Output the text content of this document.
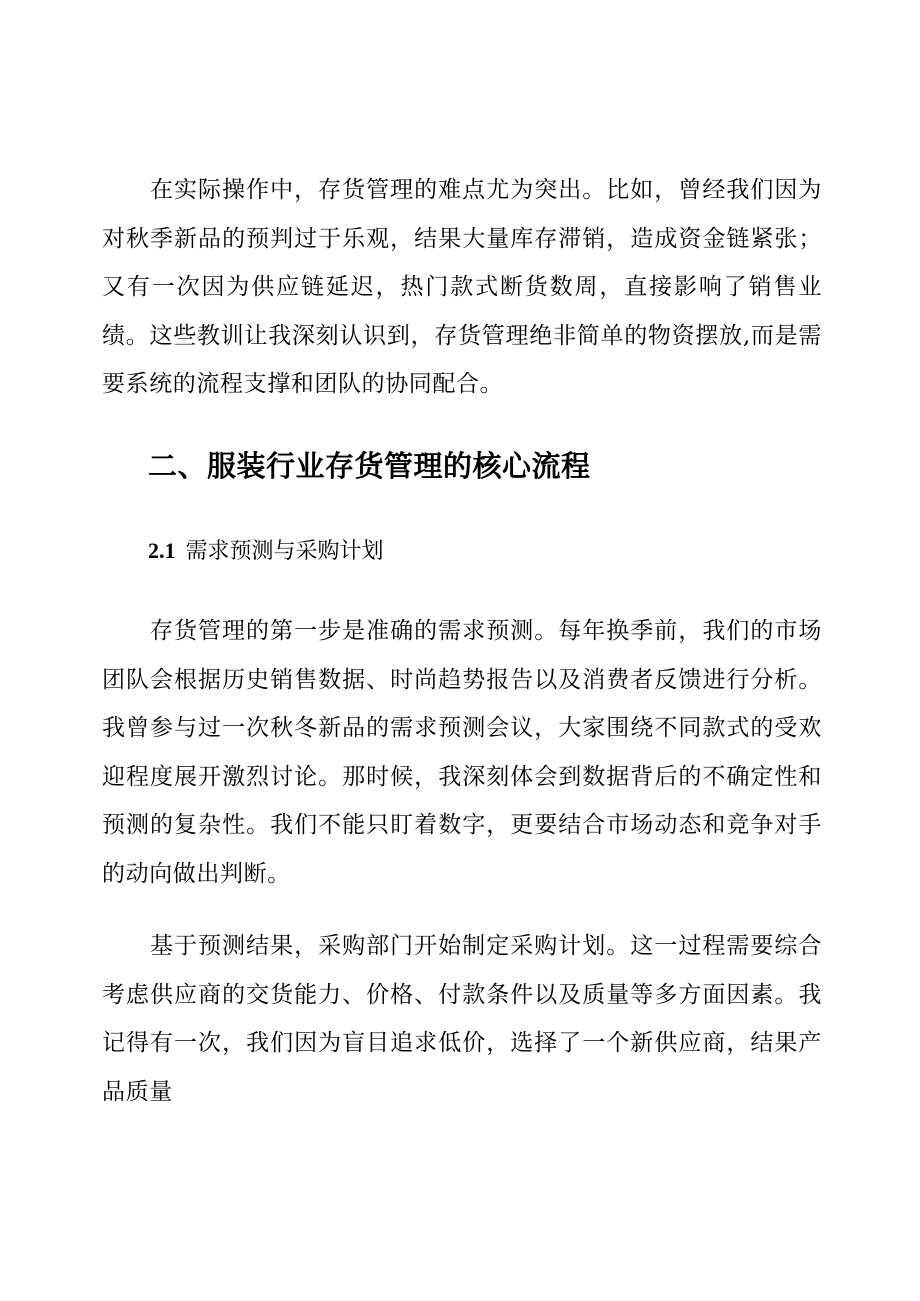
在实际操作中，存货管理的难点尤为突出。比如，曾经我们因为对秋季新品的预判过于乐观，结果大量库存滞销，造成资金链紧张；又有一次因为供应链延迟，热门款式断货数周，直接影响了销售业绩。这些教训让我深刻认识到，存货管理绝非简单的物资摆放,而是需要系统的流程支撑和团队的协同配合。

二、服装行业存货管理的核心流程
2.1 需求预测与采购计划

存货管理的第一步是准确的需求预测。每年换季前，我们的市场团队会根据历史销售数据、时尚趋势报告以及消费者反馈进行分析。我曾参与过一次秋冬新品的需求预测会议，大家围绕不同款式的受欢迎程度展开激烈讨论。那时候，我深刻体会到数据背后的不确定性和预测的复杂性。我们不能只盯着数字，更要结合市场动态和竞争对手的动向做出判断。

基于预测结果，采购部门开始制定采购计划。这一过程需要综合考虑供应商的交货能力、价格、付款条件以及质量等多方面因素。我记得有一次，我们因为盲目追求低价，选择了一个新供应商，结果产品质量
